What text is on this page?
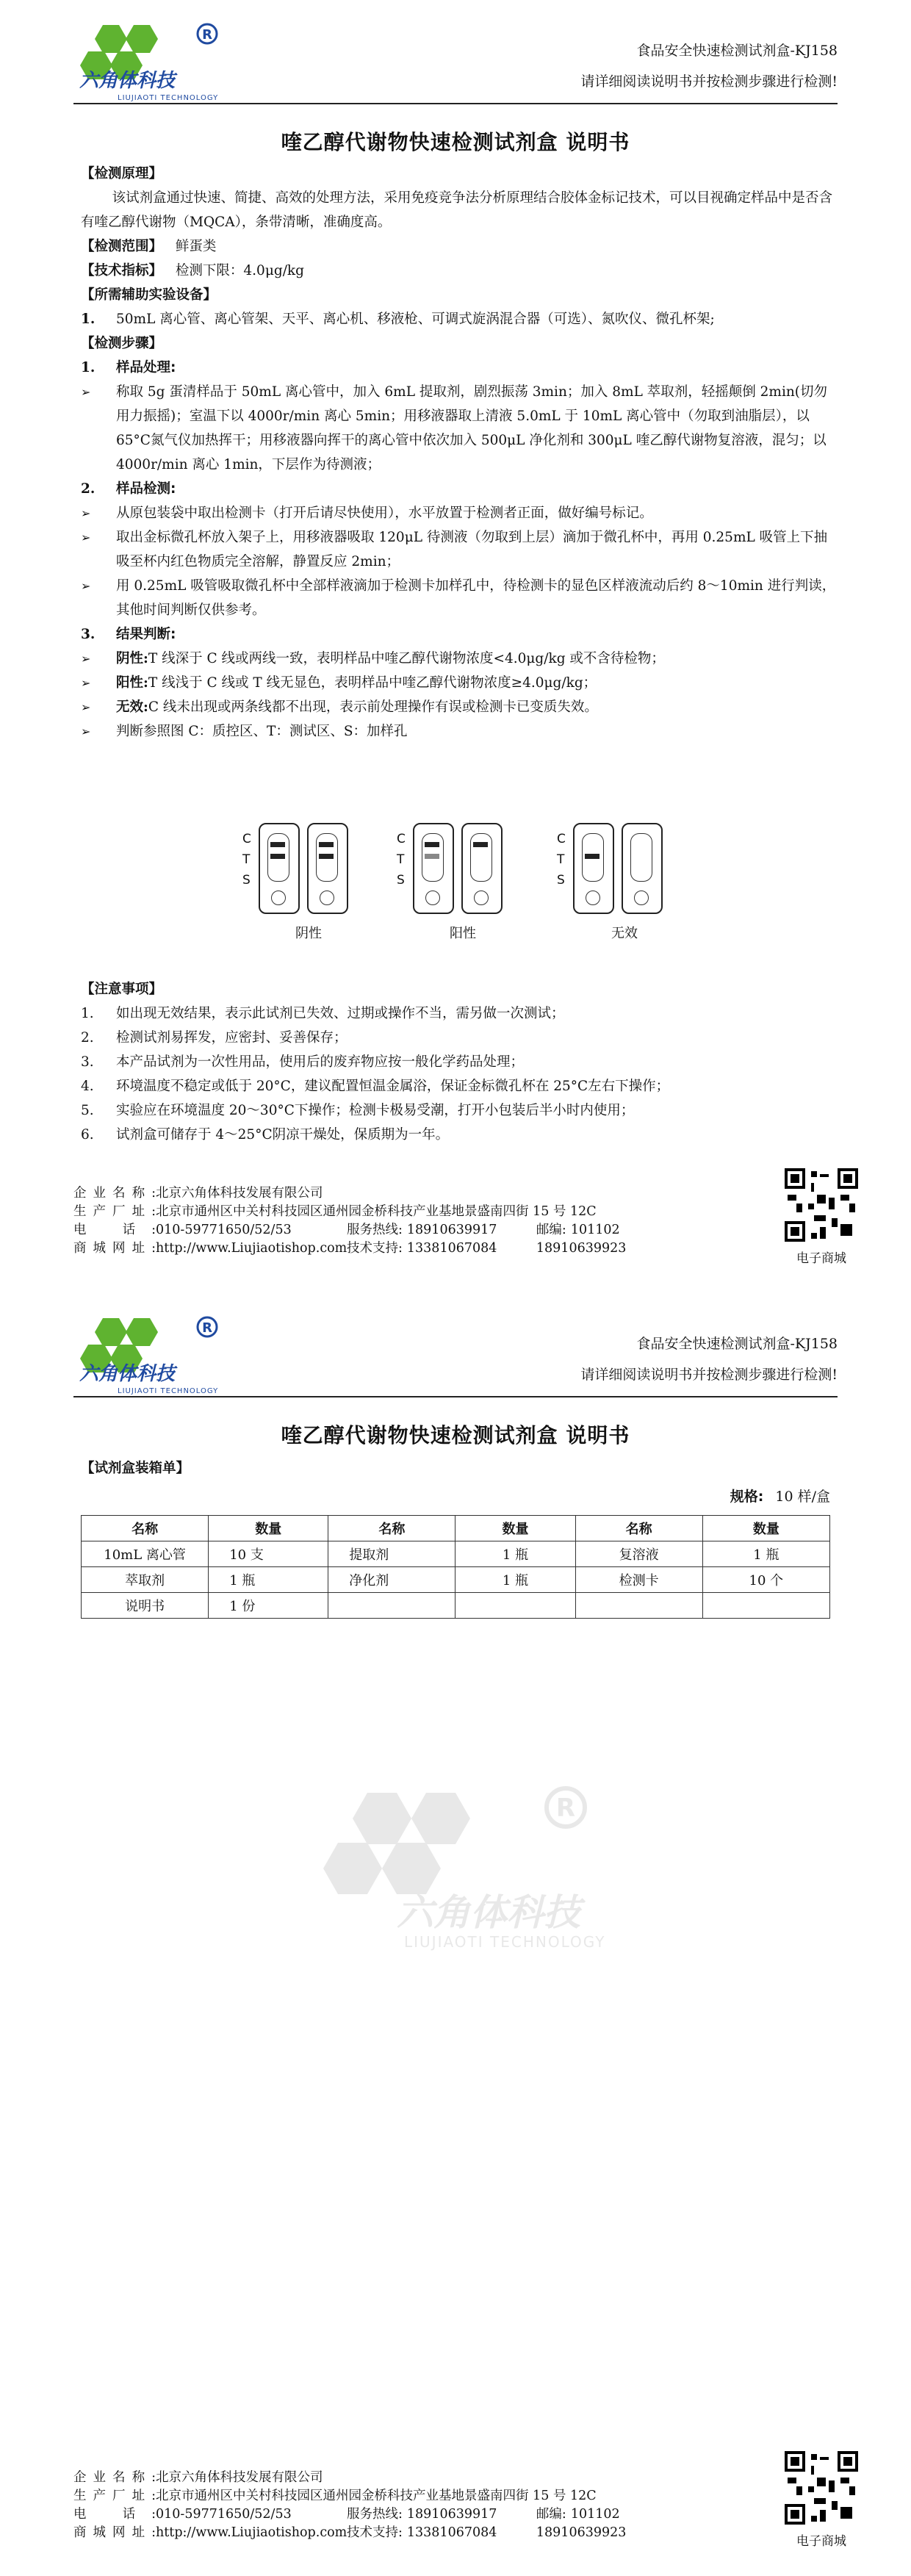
R
六角体科技
LIUJIAOTI TECHNOLOGY
食品安全快速检测试剂盒-KJ158
请详细阅读说明书并按检测步骤进行检测!
喹乙醇代谢物快速检测试剂盒 说明书
【检测原理】

该试剂盒通过快速、简捷、高效的处理方法，采用免疫竞争法分析原理结合胶体金标记技术，可以目视确定样品中是否含有喹乙醇代谢物（MQCA），条带清晰，准确度高。

【检测范围】 鲜蛋类
【技术指标】 检测下限：4.0μg/kg
【所需辅助实验设备】
1.	50mL 离心管、离心管架、天平、离心机、移液枪、可调式旋涡混合器（可选）、氮吹仪、微孔杯架;
【检测步骤】
1.	样品处理:
➢	称取 5g 蛋清样品于 50mL 离心管中，加入 6mL 提取剂，剧烈振荡 3min；加入 8mL 萃取剂，轻摇颠倒 2min(切勿用力振摇)；室温下以 4000r/min 离心 5min；用移液器取上清液 5.0mL 于 10mL 离心管中（勿取到油脂层），以 65°C氮气仪加热挥干；用移液器向挥干的离心管中依次加入 500μL 净化剂和 300μL 喹乙醇代谢物复溶液，混匀；以 4000r/min 离心 1min，下层作为待测液；
2.	样品检测:
➢	从原包装袋中取出检测卡（打开后请尽快使用），水平放置于检测者正面，做好编号标记。
➢	取出金标微孔杯放入架子上，用移液器吸取 120μL 待测液（勿取到上层）滴加于微孔杯中，再用 0.25mL 吸管上下抽吸至杯内红色物质完全溶解，静置反应 2min；
➢	用 0.25mL 吸管吸取微孔杯中全部样液滴加于检测卡加样孔中，待检测卡的显色区样液流动后约 8～10min 进行判读，其他时间判断仅供参考。
3.	结果判断:
➢	阴性:T 线深于 C 线或两线一致，表明样品中喹乙醇代谢物浓度<4.0μg/kg 或不含待检物；
➢	阳性:T 线浅于 C 线或 T 线无显色，表明样品中喹乙醇代谢物浓度≥4.0μg/kg；
➢	无效:C 线未出现或两条线都不出现，表示前处理操作有误或检测卡已变质失效。
➢	判断参照图 C：质控区、T：测试区、S：加样孔
C
T
S
阴性
C
T
S
阳性
C
T
S
无效
【注意事项】
1.	如出现无效结果，表示此试剂已失效、过期或操作不当，需另做一次测试；
2.	检测试剂易挥发，应密封、妥善保存；
3.	本产品试剂为一次性用品，使用后的废弃物应按一般化学药品处理；
4.	环境温度不稳定或低于 20°C，建议配置恒温金属浴，保证金标微孔杯在 25°C左右下操作；
5.	实验应在环境温度 20～30°C下操作；检测卡极易受潮，打开小包装后半小时内使用；
6.	试剂盒可储存于 4～25°C阴凉干燥处，保质期为一年。
企业名称: 北京六角体科技发展有限公司
生产厂址: 北京市通州区中关村科技园区通州园金桥科技产业基地景盛南四街 15 号 12C
电 话: 010-59771650/52/53	服务热线: 18910639917	邮编: 101102
商城网址: http://www.Liujiaotishop.com 技术支持: 13381067084	18910639923
电子商城
R
六角体科技
LIUJIAOTI TECHNOLOGY
食品安全快速检测试剂盒-KJ158
请详细阅读说明书并按检测步骤进行检测!
喹乙醇代谢物快速检测试剂盒 说明书
【试剂盒装箱单】
规格: 10 样/盒
名称	数量	名称	数量	名称	数量
10mL 离心管	10 支	提取剂	1 瓶	复溶液	1 瓶
萃取剂	1 瓶	净化剂	1 瓶	检测卡	10 个
说明书	1 份				
R
六角体科技
LIUJIAOTI TECHNOLOGY
企业名称: 北京六角体科技发展有限公司
生产厂址: 北京市通州区中关村科技园区通州园金桥科技产业基地景盛南四街 15 号 12C
电 话: 010-59771650/52/53	服务热线: 18910639917	邮编: 101102
商城网址: http://www.Liujiaotishop.com 技术支持: 13381067084	18910639923
电子商城
